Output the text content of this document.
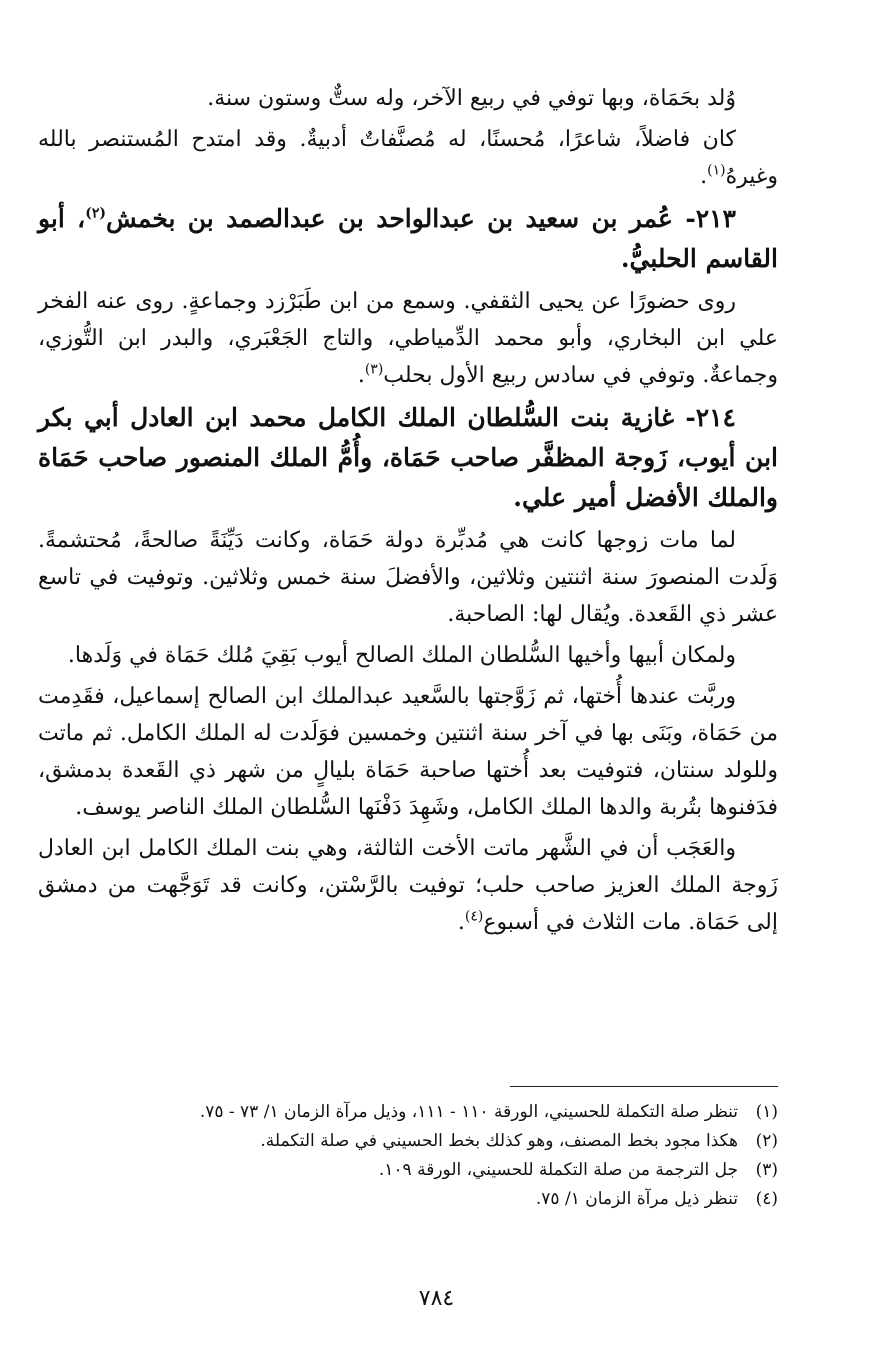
وُلد بحَمَاة، وبها توفي في ربيع الآخر، وله ستٌّ وستون سنة.

كان فاضلاً، شاعرًا، مُحسنًا، له مُصنَّفاتٌ أدبيةٌ. وقد امتدح المُستنصر بالله وغيرهُ$^{(١)}$.

٢١٣- عُمر بن سعيد بن عبدالواحد بن عبدالصمد بن بخمش$^{(٢)}$، أبو القاسم الحلبيُّ.

روى حضورًا عن يحيى الثقفي. وسمع من ابن طَبَرْزد وجماعةٍ. روى عنه الفخر علي ابن البخاري، وأبو محمد الدِّمياطي، والتاج الجَعْبَري، والبدر ابن التُّوزي، وجماعةٌ. وتوفي في سادس ربيع الأول بحلب$^{(٣)}$.

٢١٤- غازية بنت السُّلطان الملك الكامل محمد ابن العادل أبي بكر ابن أيوب، زَوجة المظفَّر صاحب حَمَاة، وأُمُّ الملك المنصور صاحب حَمَاة والملك الأفضل أمير علي.

لما مات زوجها كانت هي مُدبِّرة دولة حَمَاة، وكانت دَيِّنَةً صالحةً، مُحتشمةً. وَلَدت المنصورَ سنة اثنتين وثلاثين، والأفضلَ سنة خمس وثلاثين. وتوفيت في تاسع عشر ذي القَعدة. ويُقال لها: الصاحبة.

ولمكان أبيها وأخيها السُّلطان الملك الصالح أيوب بَقِيَ مُلك حَمَاة في وَلَدها.

وربَّت عندها أُختها، ثم زَوَّجتها بالسَّعيد عبدالملك ابن الصالح إسماعيل، فقَدِمت من حَمَاة، وبَنَى بها في آخر سنة اثنتين وخمسين فوَلَدت له الملك الكامل. ثم ماتت وللولد سنتان، فتوفيت بعد أُختها صاحبة حَمَاة بليالٍ من شهر ذي القَعدة بدمشق، فدَفنوها بتُربة والدها الملك الكامل، وشَهِدَ دَفْنَها السُّلطان الملك الناصر يوسف.

والعَجَب أن في الشَّهر ماتت الأخت الثالثة، وهي بنت الملك الكامل ابن العادل زَوجة الملك العزيز صاحب حلب؛ توفيت بالرَّسْتن، وكانت قد تَوَجَّهت من دمشق إلى حَمَاة. مات الثلاث في أسبوع$^{(٤)}$.

(١)
تنظر صلة التكملة للحسيني، الورقة ١١٠ - ١١١، وذيل مرآة الزمان ١/ ٧٣ - ٧٥.
(٢)
هكذا مجود بخط المصنف، وهو كذلك بخط الحسيني في صلة التكملة.
(٣)
جل الترجمة من صلة التكملة للحسيني، الورقة ١٠٩.
(٤)
تنظر ذيل مرآة الزمان ١/ ٧٥.
٧٨٤
